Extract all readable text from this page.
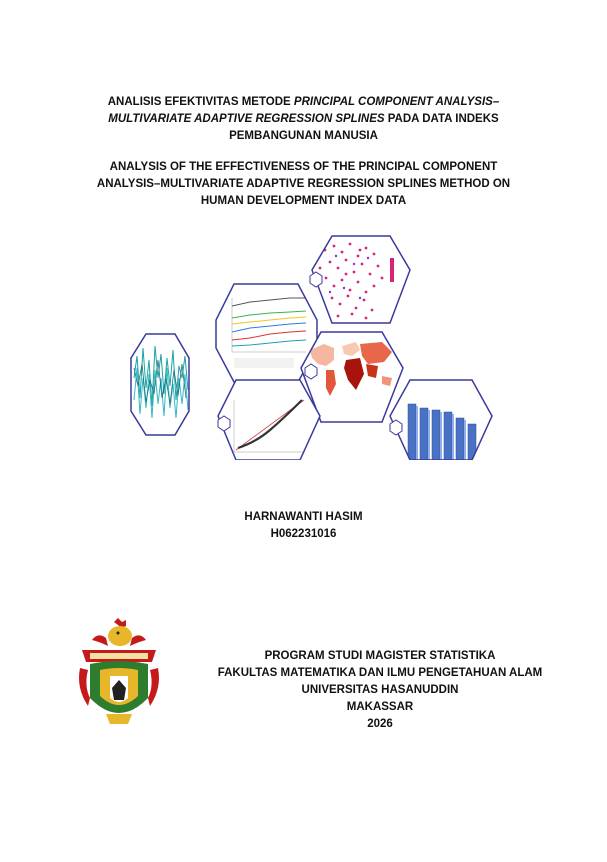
ANALISIS EFEKTIVITAS METODE PRINCIPAL COMPONENT ANALYSIS–
MULTIVARIATE ADAPTIVE REGRESSION SPLINES PADA DATA INDEKS
PEMBANGUNAN MANUSIA
ANALYSIS OF THE EFFECTIVENESS OF THE PRINCIPAL COMPONENT
ANALYSIS–MULTIVARIATE ADAPTIVE REGRESSION SPLINES METHOD ON
HUMAN DEVELOPMENT INDEX DATA
HARNAWANTI HASIM
H062231016
PROGRAM STUDI MAGISTER STATISTIKA
FAKULTAS MATEMATIKA DAN ILMU PENGETAHUAN ALAM
UNIVERSITAS HASANUDDIN
MAKASSAR
2026
